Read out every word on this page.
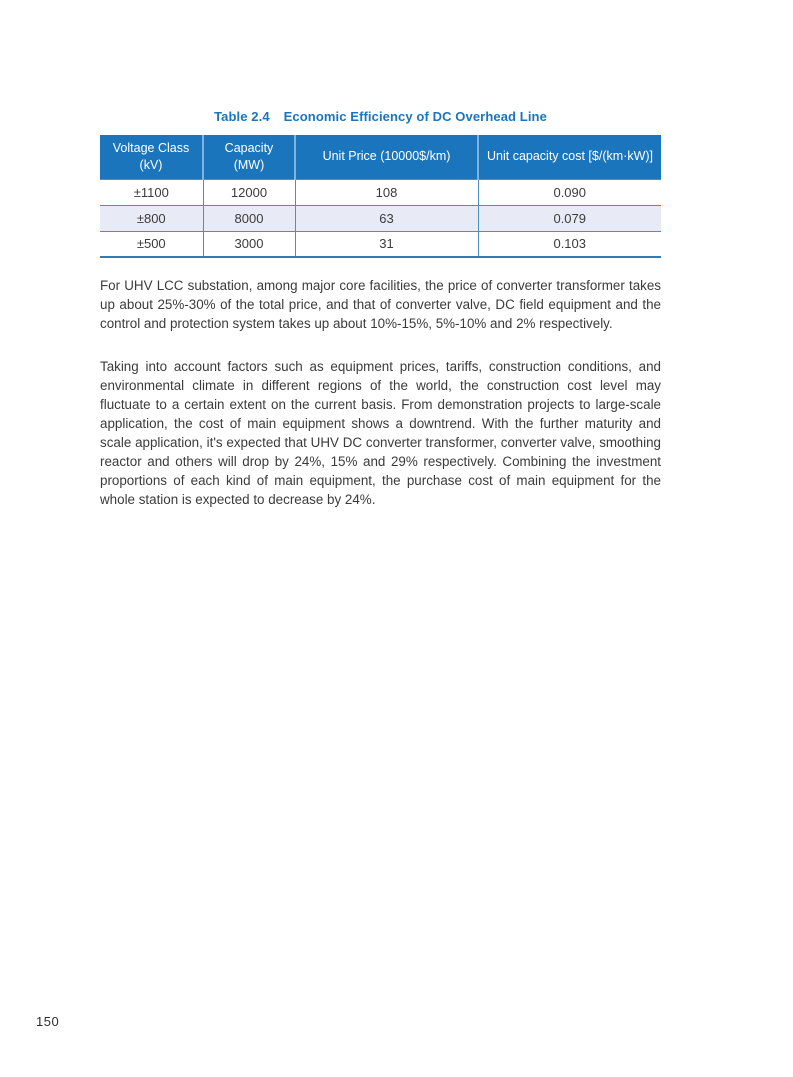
Table 2.4 Economic Efficiency of DC Overhead Line
Voltage Class (kV)	Capacity (MW)	Unit Price (10000$/km)	Unit capacity cost [$/(km·kW)]
±1100	12000	108	0.090
±800	8000	63	0.079
±500	3000	31	0.103

For UHV LCC substation, among major core facilities, the price of converter transformer takes up about 25%-30% of the total price, and that of converter valve, DC field equipment and the control and protection system takes up about 10%-15%, 5%-10% and 2% respectively.

Taking into account factors such as equipment prices, tariffs, construction conditions, and environmental climate in different regions of the world, the construction cost level may fluctuate to a certain extent on the current basis. From demonstration projects to large-scale application, the cost of main equipment shows a downtrend. With the further maturity and scale application, it's expected that UHV DC converter transformer, converter valve, smoothing reactor and others will drop by 24%, 15% and 29% respectively. Combining the investment proportions of each kind of main equipment, the purchase cost of main equipment for the whole station is expected to decrease by 24%.

150
